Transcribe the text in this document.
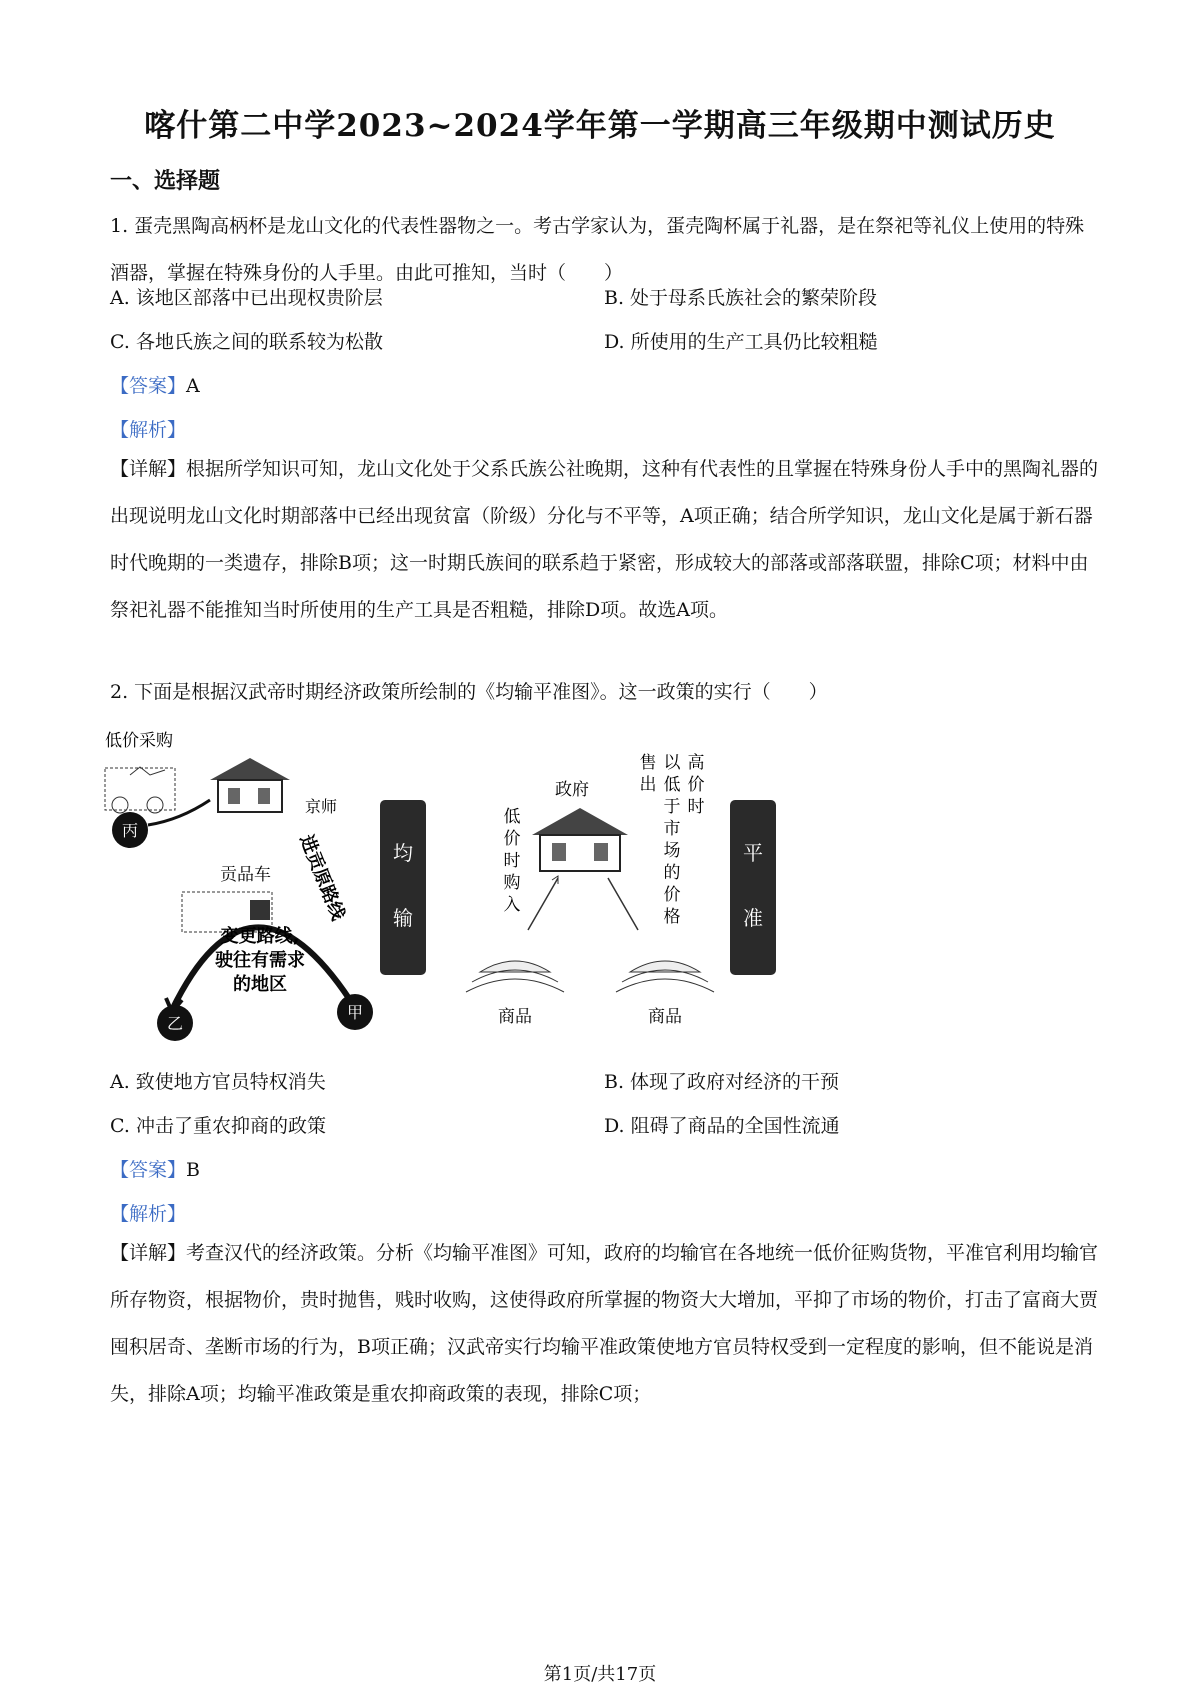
喀什第二中学2023~2024学年第一学期高三年级期中测试历史
一、选择题

1. 蛋壳黑陶高柄杯是龙山文化的代表性器物之一。考古学家认为，蛋壳陶杯属于礼器，是在祭祀等礼仪上使用的特殊酒器，掌握在特殊身份的人手里。由此可推知，当时（　　）

A. 该地区部落中已出现权贵阶层	B. 处于母系氏族社会的繁荣阶段
C. 各地氏族之间的联系较为松散	D. 所使用的生产工具仍比较粗糙
【答案】A
【解析】

【详解】根据所学知识可知，龙山文化处于父系氏族公社晚期，这种有代表性的且掌握在特殊身份人手中的黑陶礼器的出现说明龙山文化时期部落中已经出现贫富（阶级）分化与不平等，A项正确；结合所学知识，龙山文化是属于新石器时代晚期的一类遗存，排除B项；这一时期氏族间的联系趋于紧密，形成较大的部落或部落联盟，排除C项；材料中由祭祀礼器不能推知当时所使用的生产工具是否粗糙，排除D项。故选A项。

2. 下面是根据汉武帝时期经济政策所绘制的《均输平准图》。这一政策的实行（　　）
低价采购
京师
丙
进贡原路线
贡品车
变更路线,
驶往有需求
的地区
乙
甲
均
输
政府
低
价
时
购
入
售
出
以
低
于
市
场
的
价
格
高
价
时
商品	商品
平
准
A. 致使地方官员特权消失	B. 体现了政府对经济的干预
C. 冲击了重农抑商的政策	D. 阻碍了商品的全国性流通
【答案】B
【解析】

【详解】考查汉代的经济政策。分析《均输平准图》可知，政府的均输官在各地统一低价征购货物，平准官利用均输官所存物资，根据物价，贵时抛售，贱时收购，这使得政府所掌握的物资大大增加，平抑了市场的物价，打击了富商大贾囤积居奇、垄断市场的行为，B项正确；汉武帝实行均输平准政策使地方官员特权受到一定程度的影响，但不能说是消失，排除A项；均输平准政策是重农抑商政策的表现，排除C项；

第1页/共17页
